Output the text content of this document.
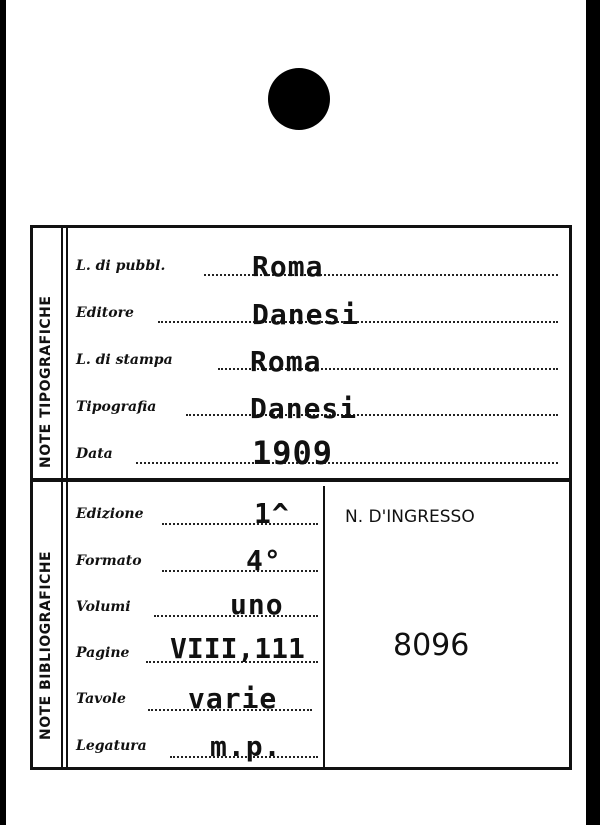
NOTE TIPOGRAFICHE
NOTE BIBLIOGRAFICHE
L. di pubbl.	Roma
Editore	Danesi
L. di stampa	Roma
Tipografia	Danesi
Data	1909
Edizione	1^
Formato	4°
Volumi	uno
Pagine VIII,111
Tavole varie
Legatura m.p.
N. D'INGRESSO
8096
